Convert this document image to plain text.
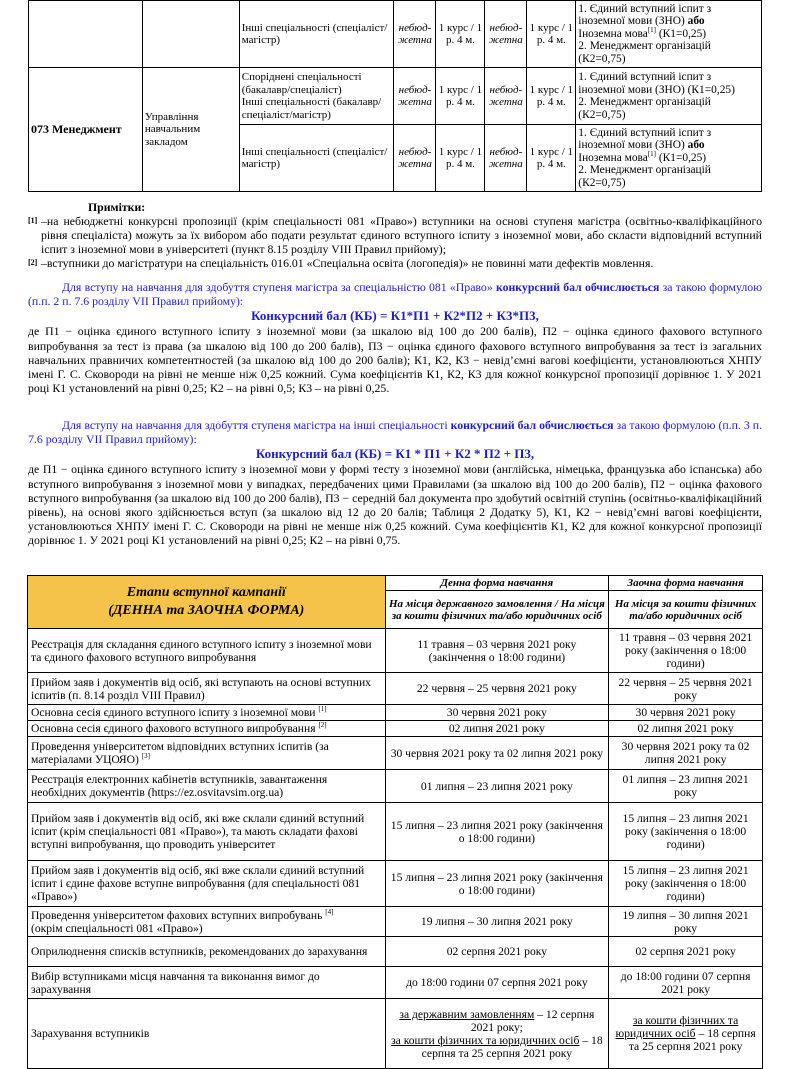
		Інші спеціальності (спеціаліст/магістр)	небюд-жетна	1 курс / 1 р. 4 м.	небюд-жетна	1 курс / 1 р. 4 м.	1. Єдиний вступний іспит з іноземної мови (ЗНО) або
Іноземна мова[1] (К1=0,25)
2. Менеджмент організацій (К2=0,75)
073 Менеджмент	Управління навчальним закладом	Споріднені спеціальності (бакалавр/спеціаліст)
Інші спеціальності (бакалавр/спеціаліст/магістр)	небюд-жетна	1 курс / 1 р. 4 м.	небюд-жетна	1 курс / 1 р. 4 м.	1. Єдиний вступний іспит з іноземної мови (ЗНО) (К1=0,25)
2. Менеджмент організацій (К2=0,75)
		Інші спеціальності (спеціаліст/магістр)	небюд-жетна	1 курс / 1 р. 4 м.	небюд-жетна	1 курс / 1 р. 4 м.	1. Єдиний вступний іспит з іноземної мови (ЗНО) або
Іноземна мова[1] (К1=0,25)
2. Менеджмент організацій (К2=0,75)
Примітки:
[1] –на небюджетні конкурсні пропозиції (крім спеціальності 081 «Право») вступники на основі ступеня магістра (освітньо-кваліфікаційного рівня спеціаліста) можуть за їх вибором або подати результат єдиного вступного іспиту з іноземної мови, або скласти відповідний вступний іспит з іноземної мови в університеті (пункт 8.15 розділу VIII Правил прийому);
[2] –вступники до магістратури на спеціальність 016.01 «Спеціальна освіта (логопедія)» не повинні мати дефектів мовлення.
Для вступу на навчання для здобуття ступеня магістра за спеціальністю 081 «Право» конкурсний бал обчислюється за такою формулою (п.п. 2 п. 7.6 розділу VII Правил прийому):
Конкурсний бал (КБ) = К1*П1 + К2*П2 + К3*П3,
де П1 − оцінка єдиного вступного іспиту з іноземної мови (за шкалою від 100 до 200 балів), П2 − оцінка єдиного фахового вступного випробування за тест із права (за шкалою від 100 до 200 балів), П3 − оцінка єдиного фахового вступного випробування за тест із загальних навчальних правничих компетентностей (за шкалою від 100 до 200 балів); К1, К2, К3 − невід’ємні вагові коефіцієнти, установлюються ХНПУ імені Г. С. Сковороди на рівні не менше ніж 0,25 кожний. Сума коефіцієнтів К1, К2, К3 для кожної конкурсної пропозиції дорівнює 1. У 2021 році К1 установлений на рівні 0,25; К2 – на рівні 0,5; К3 – на рівні 0,25.
Для вступу на навчання для здобуття ступеня магістра на інші спеціальності конкурсний бал обчислюється за такою формулою (п.п. 3 п. 7.6 розділу VII Правил прийому):
Конкурсний бал (КБ) = К1 * П1 + К2 * П2 + П3,
де П1 − оцінка єдиного вступного іспиту з іноземної мови у формі тесту з іноземної мови (англійська, німецька, французька або іспанська) або вступного випробування з іноземної мови у випадках, передбачених цими Правилами (за шкалою від 100 до 200 балів), П2 − оцінка фахового вступного випробування (за шкалою від 100 до 200 балів), П3 − середній бал документа про здобутий освітній ступінь (освітньо-кваліфікаційний рівень), на основі якого здійснюється вступ (за шкалою від 12 до 20 балів; Таблиця 2 Додатку 5), К1, К2 − невід’ємні вагові коефіцієнти, установлюються ХНПУ імені Г. С. Сковороди на рівні не менше ніж 0,25 кожний. Сума коефіцієнтів К1, К2 для кожної конкурсної пропозиції дорівнює 1. У 2021 році К1 установлений на рівні 0,25; К2 – на рівні 0,75.
Етапи вступної кампанії
(ДЕННА та ЗАОЧНА ФОРМА)	Денна форма навчання	Заочна форма навчання
	На місця державного замовлення / На місця за кошти фізичних та/або юридичних осіб	На місця за кошти фізичних та/або юридичних осіб
Реєстрація для складання єдиного вступного іспиту з іноземної мови та єдиного фахового вступного випробування	11 травня – 03 червня 2021 року (закінчення о 18:00 години)	11 травня – 03 червня 2021 року (закінчення о 18:00 години)
Прийом заяв і документів від осіб, які вступають на основі вступних іспитів (п. 8.14 розділ VIII Правил)	22 червня – 25 червня 2021 року	22 червня – 25 червня 2021 року
Основна сесія єдиного вступного іспиту з іноземної мови [1]	30 червня 2021 року	30 червня 2021 року
Основна сесія єдиного фахового вступного випробування [2]	02 липня 2021 року	02 липня 2021 року
Проведення університетом відповідних вступних іспитів (за матеріалами УЦОЯО) [3]	30 червня 2021 року та 02 липня 2021 року	30 червня 2021 року та 02 липня 2021 року
Реєстрація електронних кабінетів вступників, завантаження необхідних документів (https://ez.osvitavsim.org.ua)	01 липня – 23 липня 2021 року	01 липня – 23 липня 2021 року
Прийом заяв і документів від осіб, які вже склали єдиний вступний іспит (крім спеціальності 081 «Право»), та мають складати фахові вступні випробування, що проводить університет	15 липня – 23 липня 2021 року (закінчення о 18:00 години)	15 липня – 23 липня 2021 року (закінчення о 18:00 години)
Прийом заяв і документів від осіб, які вже склали єдиний вступний іспит і єдине фахове вступне випробування (для спеціальності 081 «Право»)	15 липня – 23 липня 2021 року (закінчення о 18:00 години)	15 липня – 23 липня 2021 року (закінчення о 18:00 години)
Проведення університетом фахових вступних випробувань [4]
(окрім спеціальності 081 «Право»)	19 липня – 30 липня 2021 року	19 липня – 30 липня 2021 року
Оприлюднення списків вступників, рекомендованих до зарахування	02 серпня 2021 року	02 серпня 2021 року
Вибір вступниками місця навчання та виконання вимог до зарахування	до 18:00 години 07 серпня 2021 року	до 18:00 години 07 серпня 2021 року
Зарахування вступників	за державним замовленням – 12 серпня 2021 року;
за кошти фізичних та юридичних осіб – 18 серпня та 25 серпня 2021 року	за кошти фізичних та юридичних осіб – 18 серпня та 25 серпня 2021 року
